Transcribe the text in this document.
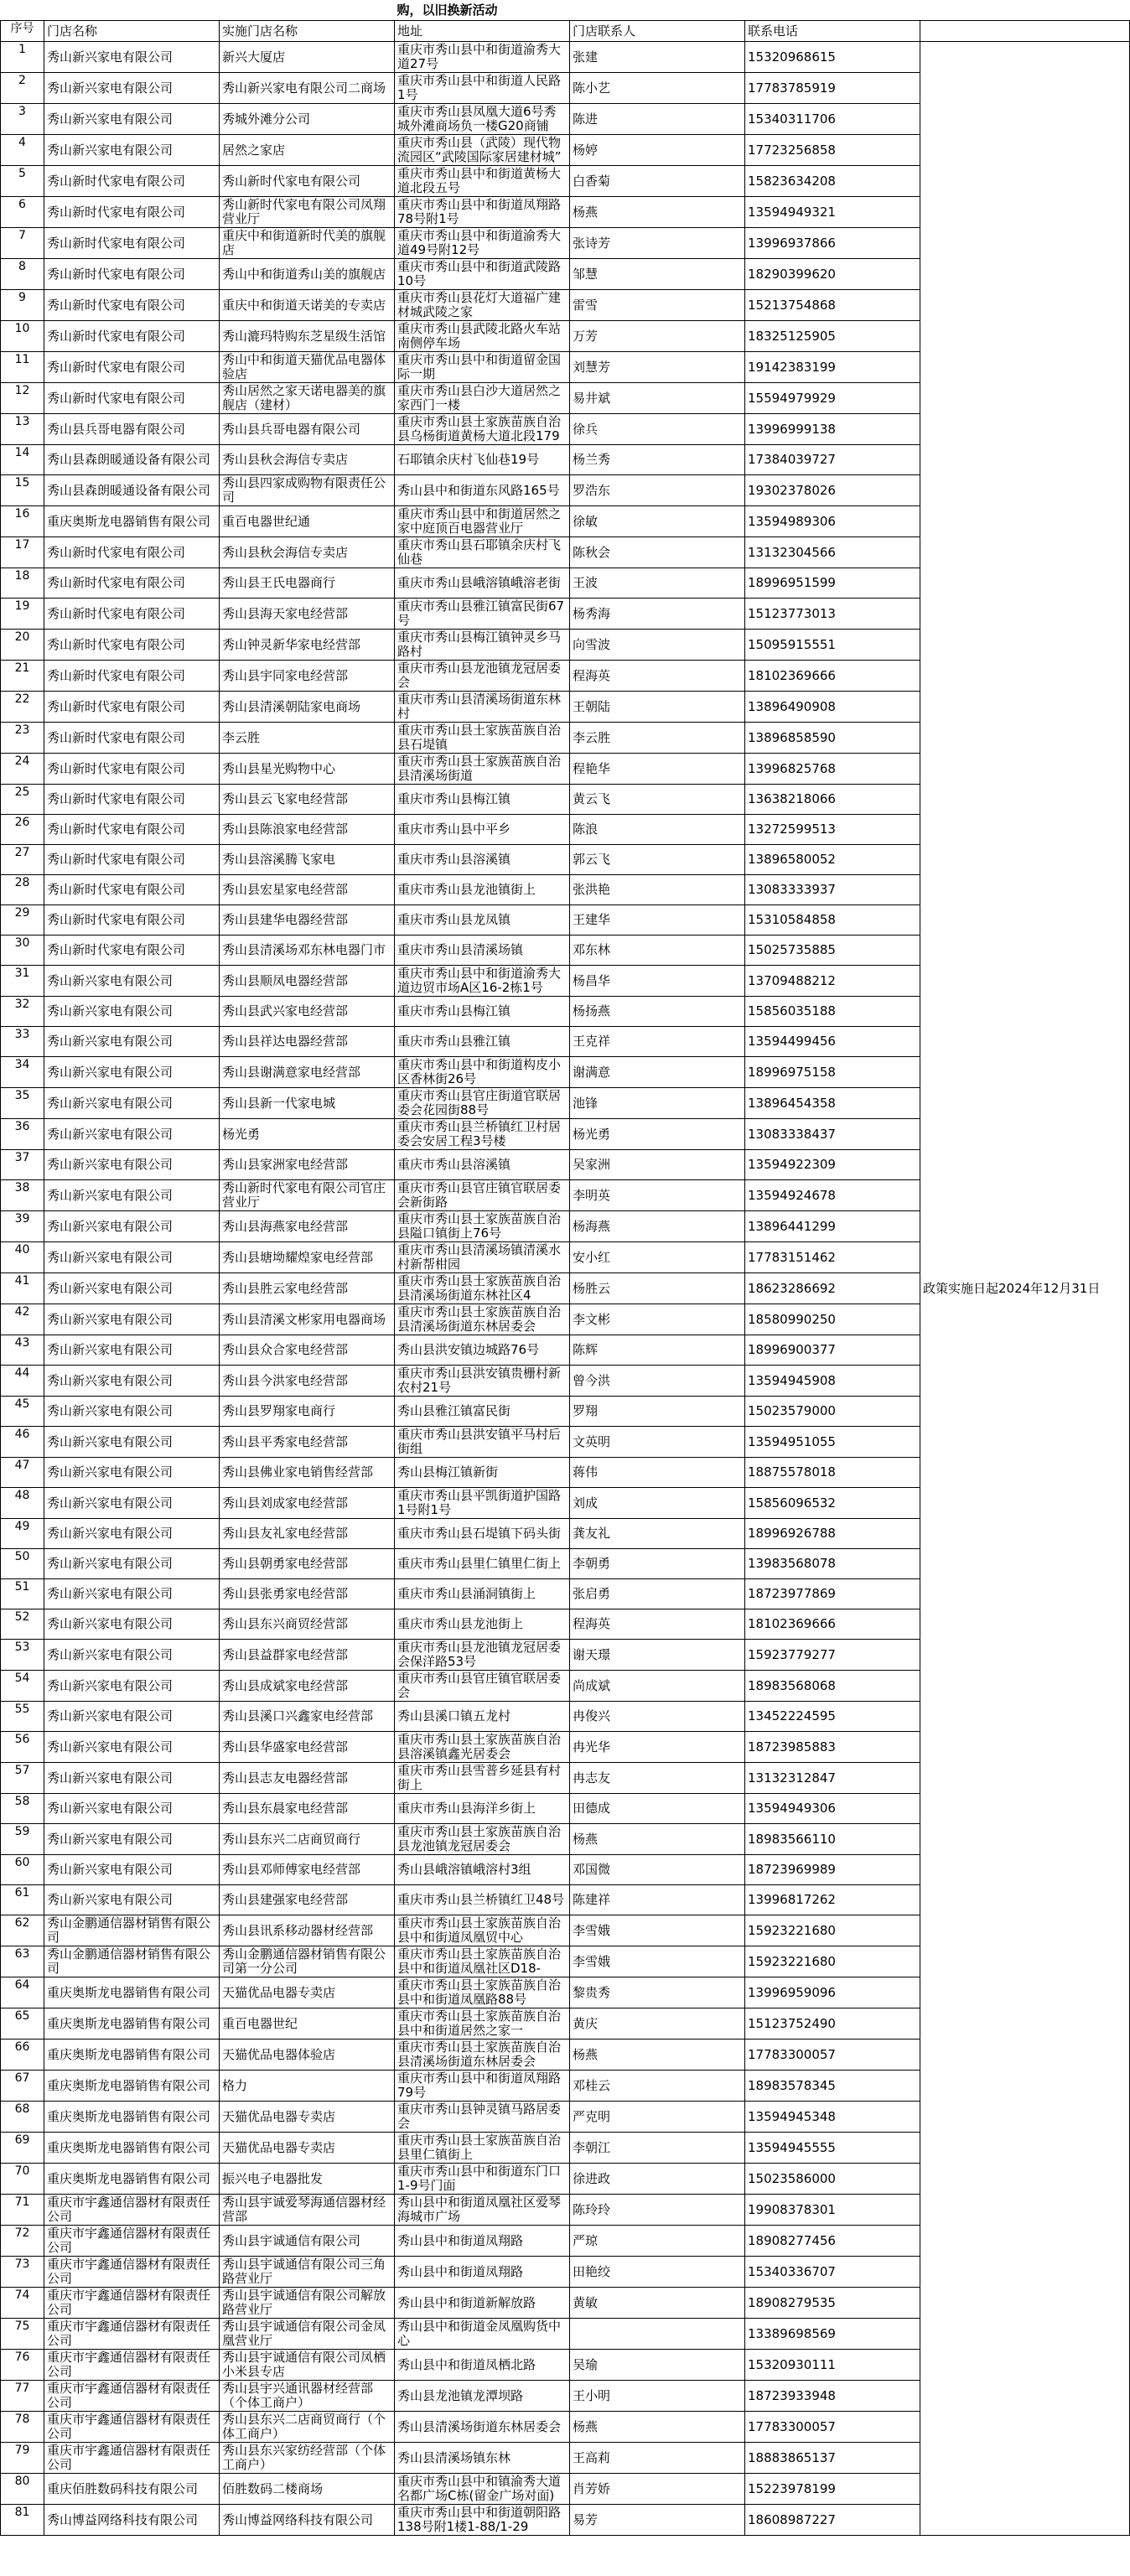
			购，以旧换新活动			
序号	门店名称	实施门店名称	地址	门店联系人	联系电话	

1	秀山新兴家电有限公司	新兴大厦店	重庆市秀山县中和街道渝秀大道27号	张建	15320968615	政策实施日起2024年12月31日

2	秀山新兴家电有限公司	秀山新兴家电有限公司二商场	重庆市秀山县中和街道人民路1号	陈小艺	17783785919	

3	秀山新兴家电有限公司	秀城外滩分公司	重庆市秀山县凤凰大道6号秀城外滩商场负一楼G20商铺	陈进	15340311706	

4	秀山新兴家电有限公司	居然之家店	重庆市秀山县（武陵）现代物流园区“武陵国际家居建材城”	杨婷	17723256858	

5	秀山新时代家电有限公司	秀山新时代家电有限公司	重庆市秀山县中和街道黄杨大道北段五号	白香菊	15823634208	

6	秀山新时代家电有限公司	秀山新时代家电有限公司凤翔营业厅	重庆市秀山县中和街道凤翔路78号附1号	杨燕	13594949321	

7	秀山新时代家电有限公司	重庆中和街道新时代美的旗舰店	重庆市秀山县中和街道渝秀大道49号附12号	张诗芳	13996937866	

8	秀山新时代家电有限公司	秀山中和街道秀山美的旗舰店	重庆市秀山县中和街道武陵路10号	邹慧	18290399620	

9	秀山新时代家电有限公司	重庆中和街道天诺美的专卖店	重庆市秀山县花灯大道福广建材城武陵之家	雷雪	15213754868	

10	秀山新时代家电有限公司	秀山漉玛特购东芝星级生活馆	重庆市秀山县武陵北路火车站南侧停车场	万芳	18325125905	

11	秀山新时代家电有限公司	秀山中和街道天猫优品电器体验店	重庆市秀山县中和街道留金国际一期	刘慧芳	19142383199	

12	秀山新时代家电有限公司	秀山居然之家天诺电器美的旗舰店（建材）	重庆市秀山县白沙大道居然之家西门一楼	易井斌	15594979929	

13	秀山县兵哥电器有限公司	秀山县兵哥电器有限公司	重庆市秀山县土家族苗族自治县乌杨街道黄杨大道北段179	徐兵	13996999138	

14	秀山县森朗暖通设备有限公司	秀山县秋会海信专卖店	石耶镇余庆村飞仙巷19号	杨兰秀	17384039727	

15	秀山县森朗暖通设备有限公司	秀山县四家成购物有限责任公司	秀山县中和街道东风路165号	罗浩东	19302378026	

16	重庆奥斯龙电器销售有限公司	重百电器世纪通	重庆市秀山县中和街道居然之家中庭顶百电器营业厅	徐敏	13594989306	

17	秀山新时代家电有限公司	秀山县秋会海信专卖店	重庆市秀山县石耶镇余庆村飞仙巷	陈秋会	13132304566	

18	秀山新时代家电有限公司	秀山县王氏电器商行	重庆市秀山县峨溶镇峨溶老街	王波	18996951599	

19	秀山新时代家电有限公司	秀山县海天家电经营部	重庆市秀山县雅江镇富民街67号	杨秀海	15123773013	

20	秀山新时代家电有限公司	秀山钟灵新华家电经营部	重庆市秀山县梅江镇钟灵乡马路村	向雪波	15095915551	

21	秀山新时代家电有限公司	秀山县宇同家电经营部	重庆市秀山县龙池镇龙冠居委会	程海英	18102369666	

22	秀山新时代家电有限公司	秀山县清溪朝陆家电商场	重庆市秀山县清溪场街道东林村	王朝陆	13896490908	

23	秀山新时代家电有限公司	李云胜	重庆市秀山县土家族苗族自治县石堤镇	李云胜	13896858590	

24	秀山新时代家电有限公司	秀山县星光购物中心	重庆市秀山县土家族苗族自治县清溪场街道	程艳华	13996825768	

25	秀山新时代家电有限公司	秀山县云飞家电经营部	重庆市秀山县梅江镇	黄云飞	13638218066	

26	秀山新时代家电有限公司	秀山县陈浪家电经营部	重庆市秀山县中平乡	陈浪	13272599513	

27	秀山新时代家电有限公司	秀山县溶溪腾飞家电	重庆市秀山县溶溪镇	郭云飞	13896580052	

28	秀山新时代家电有限公司	秀山县宏星家电经营部	重庆市秀山县龙池镇街上	张洪艳	13083333937	

29	秀山新时代家电有限公司	秀山县建华电器经营部	重庆市秀山县龙凤镇	王建华	15310584858	

30	秀山新时代家电有限公司	秀山县清溪场邓东林电器门市	重庆市秀山县清溪场镇	邓东林	15025735885	

31	秀山新兴家电有限公司	秀山县顺凤电器经营部	重庆市秀山县中和街道渝秀大道边贸市场A区16-2栋1号	杨昌华	13709488212	

32	秀山新兴家电有限公司	秀山县武兴家电经营部	重庆市秀山县梅江镇	杨扬燕	15856035188	

33	秀山新兴家电有限公司	秀山县祥达电器经营部	重庆市秀山县雅江镇	王克祥	13594499456	

34	秀山新兴家电有限公司	秀山县谢满意家电经营部	重庆市秀山县中和街道构皮小区香林街26号	谢满意	18996975158	

35	秀山新兴家电有限公司	秀山县新一代家电城	重庆市秀山县官庄街道官联居委会花园街88号	池锋	13896454358	

36	秀山新兴家电有限公司	杨光勇	重庆市秀山县兰桥镇红卫村居委会安居工程3号楼	杨光勇	13083338437	

37	秀山新兴家电有限公司	秀山县家洲家电经营部	重庆市秀山县溶溪镇	吴家洲	13594922309	

38	秀山新兴家电有限公司	秀山新时代家电有限公司官庄营业厅	重庆市秀山县官庄镇官联居委会新街路	李明英	13594924678	

39	秀山新兴家电有限公司	秀山县海燕家电经营部	重庆市秀山县土家族苗族自治县隘口镇街上76号	杨海燕	13896441299	

40	秀山新兴家电有限公司	秀山县塘坳耀煌家电经营部	重庆市秀山县清溪场镇清溪水村新帮柑园	安小红	17783151462	

41	秀山新兴家电有限公司	秀山县胜云家电经营部	重庆市秀山县土家族苗族自治县清溪场街道东林社区4	杨胜云	18623286692	

42	秀山新兴家电有限公司	秀山县清溪文彬家用电器商场	重庆市秀山县土家族苗族自治县清溪场街道东林居委会	李文彬	18580990250	

43	秀山新兴家电有限公司	秀山县众合家电经营部	秀山县洪安镇边城路76号	陈辉	18996900377	

44	秀山新兴家电有限公司	秀山县今洪家电经营部	重庆市秀山县洪安镇贵栅村新农村21号	曾今洪	13594945908	

45	秀山新兴家电有限公司	秀山县罗翔家电商行	秀山县雅江镇富民街	罗翔	15023579000	

46	秀山新兴家电有限公司	秀山县平秀家电经营部	重庆市秀山县洪安镇平马村后街组	文英明	13594951055	

47	秀山新兴家电有限公司	秀山县佛业家电销售经营部	秀山县梅江镇新街	蒋伟	18875578018	

48	秀山新兴家电有限公司	秀山县刘成家电经营部	重庆市秀山县平凯街道护国路1号附1号	刘成	15856096532	

49	秀山新兴家电有限公司	秀山县友礼家电经营部	重庆市秀山县石堤镇下码头街	龚友礼	18996926788	

50	秀山新兴家电有限公司	秀山县朝勇家电经营部	重庆市秀山县里仁镇里仁街上	李朝勇	13983568078	

51	秀山新兴家电有限公司	秀山县张勇家电经营部	重庆市秀山县涌洞镇街上	张启勇	18723977869	

52	秀山新兴家电有限公司	秀山县东兴商贸经营部	重庆市秀山县龙池街上	程海英	18102369666	

53	秀山新兴家电有限公司	秀山县益群家电经营部	重庆市秀山县龙池镇龙冠居委会保洋路53号	谢天璟	15923779277	

54	秀山新兴家电有限公司	秀山县成斌家电经营部	重庆市秀山县官庄镇官联居委会	尚成斌	18983568068	

55	秀山新兴家电有限公司	秀山县溪口兴鑫家电经营部	秀山县溪口镇五龙村	冉俊兴	13452224595	

56	秀山新兴家电有限公司	秀山县华盛家电经营部	重庆市秀山县土家族苗族自治县溶溪镇鑫光居委会	冉光华	18723985883	

57	秀山新兴家电有限公司	秀山县志友电器经营部	重庆市秀山县雪普乡延县有村街上	冉志友	13132312847	

58	秀山新兴家电有限公司	秀山县东晨家电经营部	重庆市秀山县海洋乡街上	田德成	13594949306	

59	秀山新兴家电有限公司	秀山县东兴二店商贸商行	重庆市秀山县土家族苗族自治县龙池镇龙冠居委会	杨燕	18983566110	

60	秀山新兴家电有限公司	秀山县邓师傅家电经营部	秀山县峨溶镇峨溶村3组	邓国微	18723969989	

61	秀山新兴家电有限公司	秀山县建强家电经营部	重庆市秀山县兰桥镇红卫48号	陈建祥	13996817262	

62	秀山金鹏通信器材销售有限公司	秀山县讯系移动器材经营部	重庆市秀山县土家族苗族自治县中和街道凤凰贸中心	李雪娥	15923221680	

63	秀山金鹏通信器材销售有限公司	秀山金鹏通信器材销售有限公司第一分公司	重庆市秀山县土家族苗族自治县中和街道凤凰社区D18-	李雪娥	15923221680	

64	重庆奥斯龙电器销售有限公司	天猫优品电器专卖店	重庆市秀山县土家族苗族自治县中和街道凤凰路88号	黎贵秀	13996959096	

65	重庆奥斯龙电器销售有限公司	重百电器世纪	重庆市秀山县土家族苗族自治县中和街道居然之家一	黄庆	15123752490	

66	重庆奥斯龙电器销售有限公司	天猫优品电器体验店	重庆市秀山县土家族苗族自治县清溪场街道东林居委会	杨燕	17783300057	

67	重庆奥斯龙电器销售有限公司	格力	重庆市秀山县中和街道凤翔路79号	邓桂云	18983578345	

68	重庆奥斯龙电器销售有限公司	天猫优品电器专卖店	重庆市秀山县钟灵镇马路居委会	严克明	13594945348	

69	重庆奥斯龙电器销售有限公司	天猫优品电器专卖店	重庆市秀山县土家族苗族自治县里仁镇街上	李朝江	13594945555	

70	重庆奥斯龙电器销售有限公司	振兴电子电器批发	重庆市秀山县中和街道东门口1-9号门面	徐进政	15023586000	

71	重庆市宇鑫通信器材有限责任公司	秀山县宇诚爱琴海通信器材经营部	秀山县中和街道凤凰社区爱琴海城市广场	陈玲玲	19908378301	

72	重庆市宇鑫通信器材有限责任公司	秀山县宇诚通信有限公司	秀山县中和街道凤翔路	严琼	18908277456	

73	重庆市宇鑫通信器材有限责任公司	秀山县宇诚通信有限公司三角路营业厅	秀山县中和街道凤翔路	田艳绞	15340336707	

74	重庆市宇鑫通信器材有限责任公司	秀山县宇诚通信有限公司解放路营业厅	秀山县中和街道新解放路	黄敏	18908279535	

75	重庆市宇鑫通信器材有限责任公司	秀山县宇诚通信有限公司金凤凰营业厅	秀山县中和街道金凤凰购货中心		13389698569	

76	重庆市宇鑫通信器材有限责任公司	秀山县宇诚通信有限公司凤栖小米县专店	秀山县中和街道凤栖北路	吴瑜	15320930111	

77	重庆市宇鑫通信器材有限责任公司	秀山县宇兴通讯器材经营部（个体工商户）	秀山县龙池镇龙潭坝路	王小明	18723933948	

78	重庆市宇鑫通信器材有限责任公司	秀山县东兴二店商贸商行（个体工商户）	秀山县清溪场街道东林居委会	杨燕	17783300057	

79	重庆市宇鑫通信器材有限责任公司	秀山县东兴家纺经营部（个体工商户）	秀山县清溪场镇东林	王高莉	18883865137	

80	重庆佰胜数码科技有限公司	佰胜数码二楼商场	重庆市秀山县中和镇渝秀大道名都广场C栋(留金广场对面)	肖芳娇	15223978199	

81	秀山博益网络科技有限公司	秀山博益网络科技有限公司	重庆市秀山县中和街道朝阳路138号附1楼1-88/1-29	易芳	18608987227	
